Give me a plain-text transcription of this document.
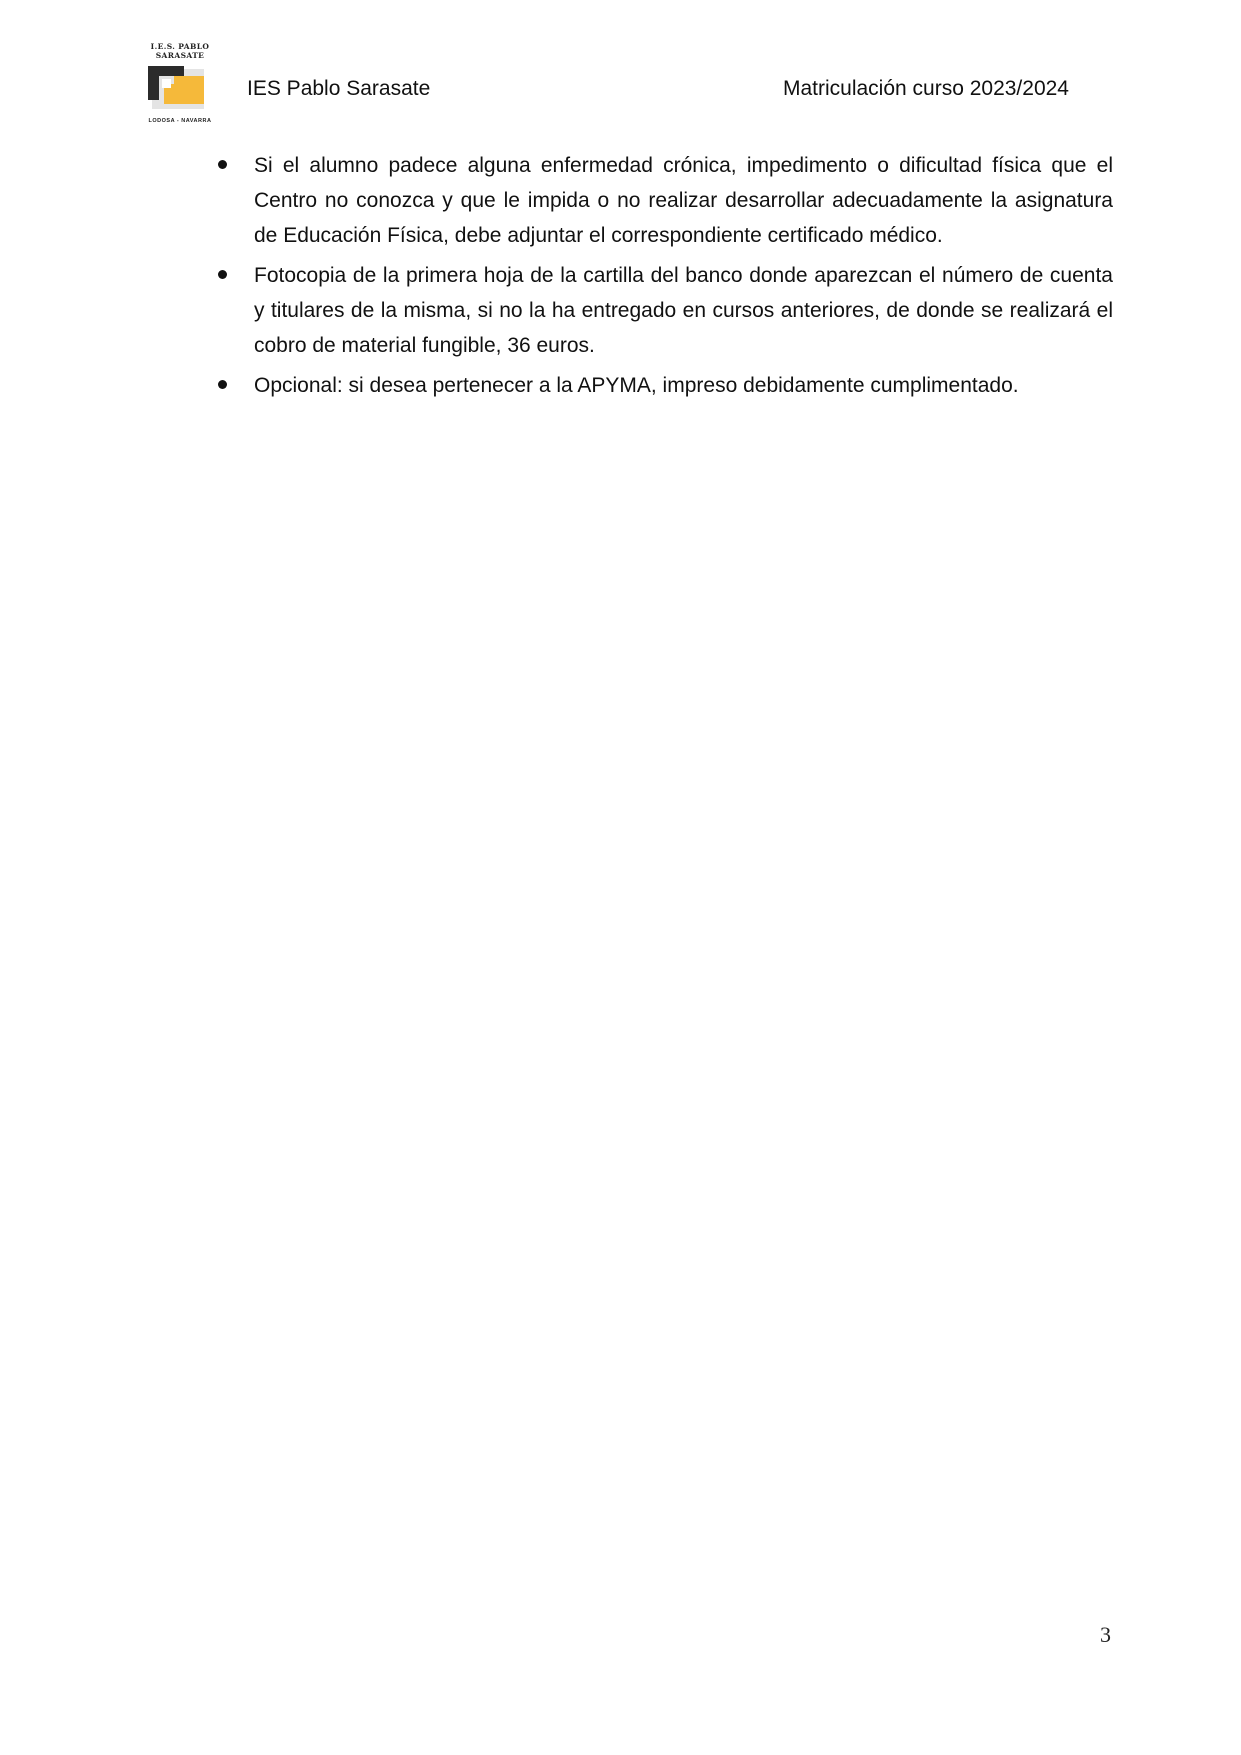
I.E.S. PABLO SARASATE
LODOSA - NAVARRA
IES Pablo Sarasate	Matriculación curso 2023/2024
Si el alumno padece alguna enfermedad crónica, impedimento o dificultad física que el Centro no conozca y que le impida o no realizar desarrollar adecuadamente la asignatura de Educación Física, debe adjuntar el correspondiente certificado médico.
Fotocopia de la primera hoja de la cartilla del banco donde aparezcan el número de cuenta y titulares de la misma, si no la ha entregado en cursos anteriores, de donde se realizará el cobro de material fungible, 36 euros.
Opcional: si desea pertenecer a la APYMA, impreso debidamente cumplimentado.
3
